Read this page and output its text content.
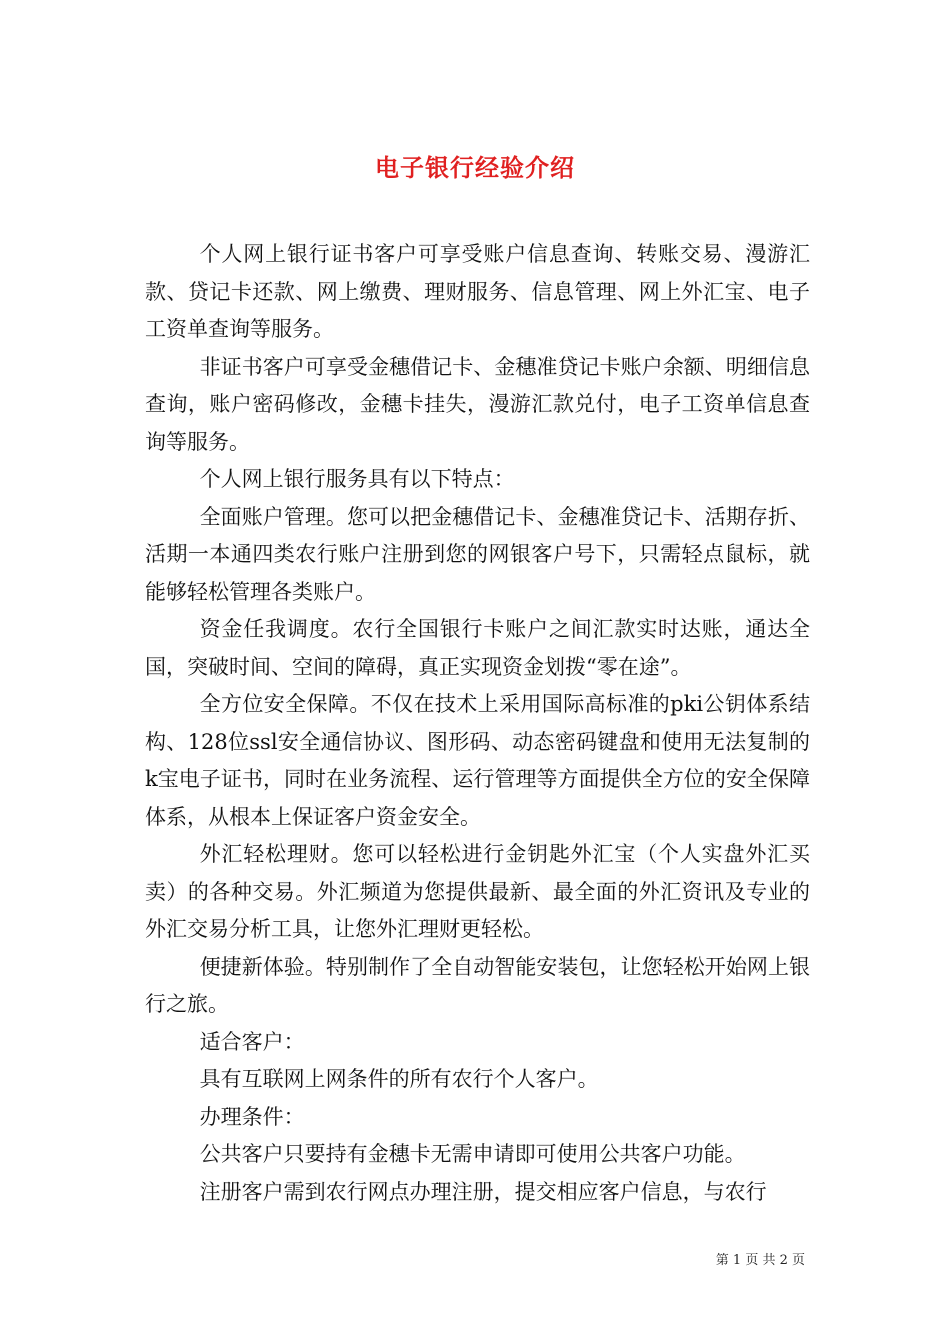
电子银行经验介绍

个人网上银行证书客户可享受账户信息查询、转账交易、漫游汇款、贷记卡还款、网上缴费、理财服务、信息管理、网上外汇宝、电子工资单查询等服务。

非证书客户可享受金穗借记卡、金穗准贷记卡账户余额、明细信息查询，账户密码修改，金穗卡挂失，漫游汇款兑付，电子工资单信息查询等服务。

个人网上银行服务具有以下特点：

全面账户管理。您可以把金穗借记卡、金穗准贷记卡、活期存折、活期一本通四类农行账户注册到您的网银客户号下，只需轻点鼠标，就能够轻松管理各类账户。

资金任我调度。农行全国银行卡账户之间汇款实时达账，通达全国，突破时间、空间的障碍，真正实现资金划拨“零在途”。

全方位安全保障。不仅在技术上采用国际高标准的pki公钥体系结构、128位ssl安全通信协议、图形码、动态密码键盘和使用无法复制的k宝电子证书，同时在业务流程、运行管理等方面提供全方位的安全保障体系，从根本上保证客户资金安全。

外汇轻松理财。您可以轻松进行金钥匙外汇宝（个人实盘外汇买卖）的各种交易。外汇频道为您提供最新、最全面的外汇资讯及专业的外汇交易分析工具，让您外汇理财更轻松。

便捷新体验。特别制作了全自动智能安装包，让您轻松开始网上银行之旅。

适合客户：

具有互联网上网条件的所有农行个人客户。

办理条件：

公共客户只要持有金穗卡无需申请即可使用公共客户功能。

注册客户需到农行网点办理注册，提交相应客户信息，与农行

第 1 页 共 2 页
